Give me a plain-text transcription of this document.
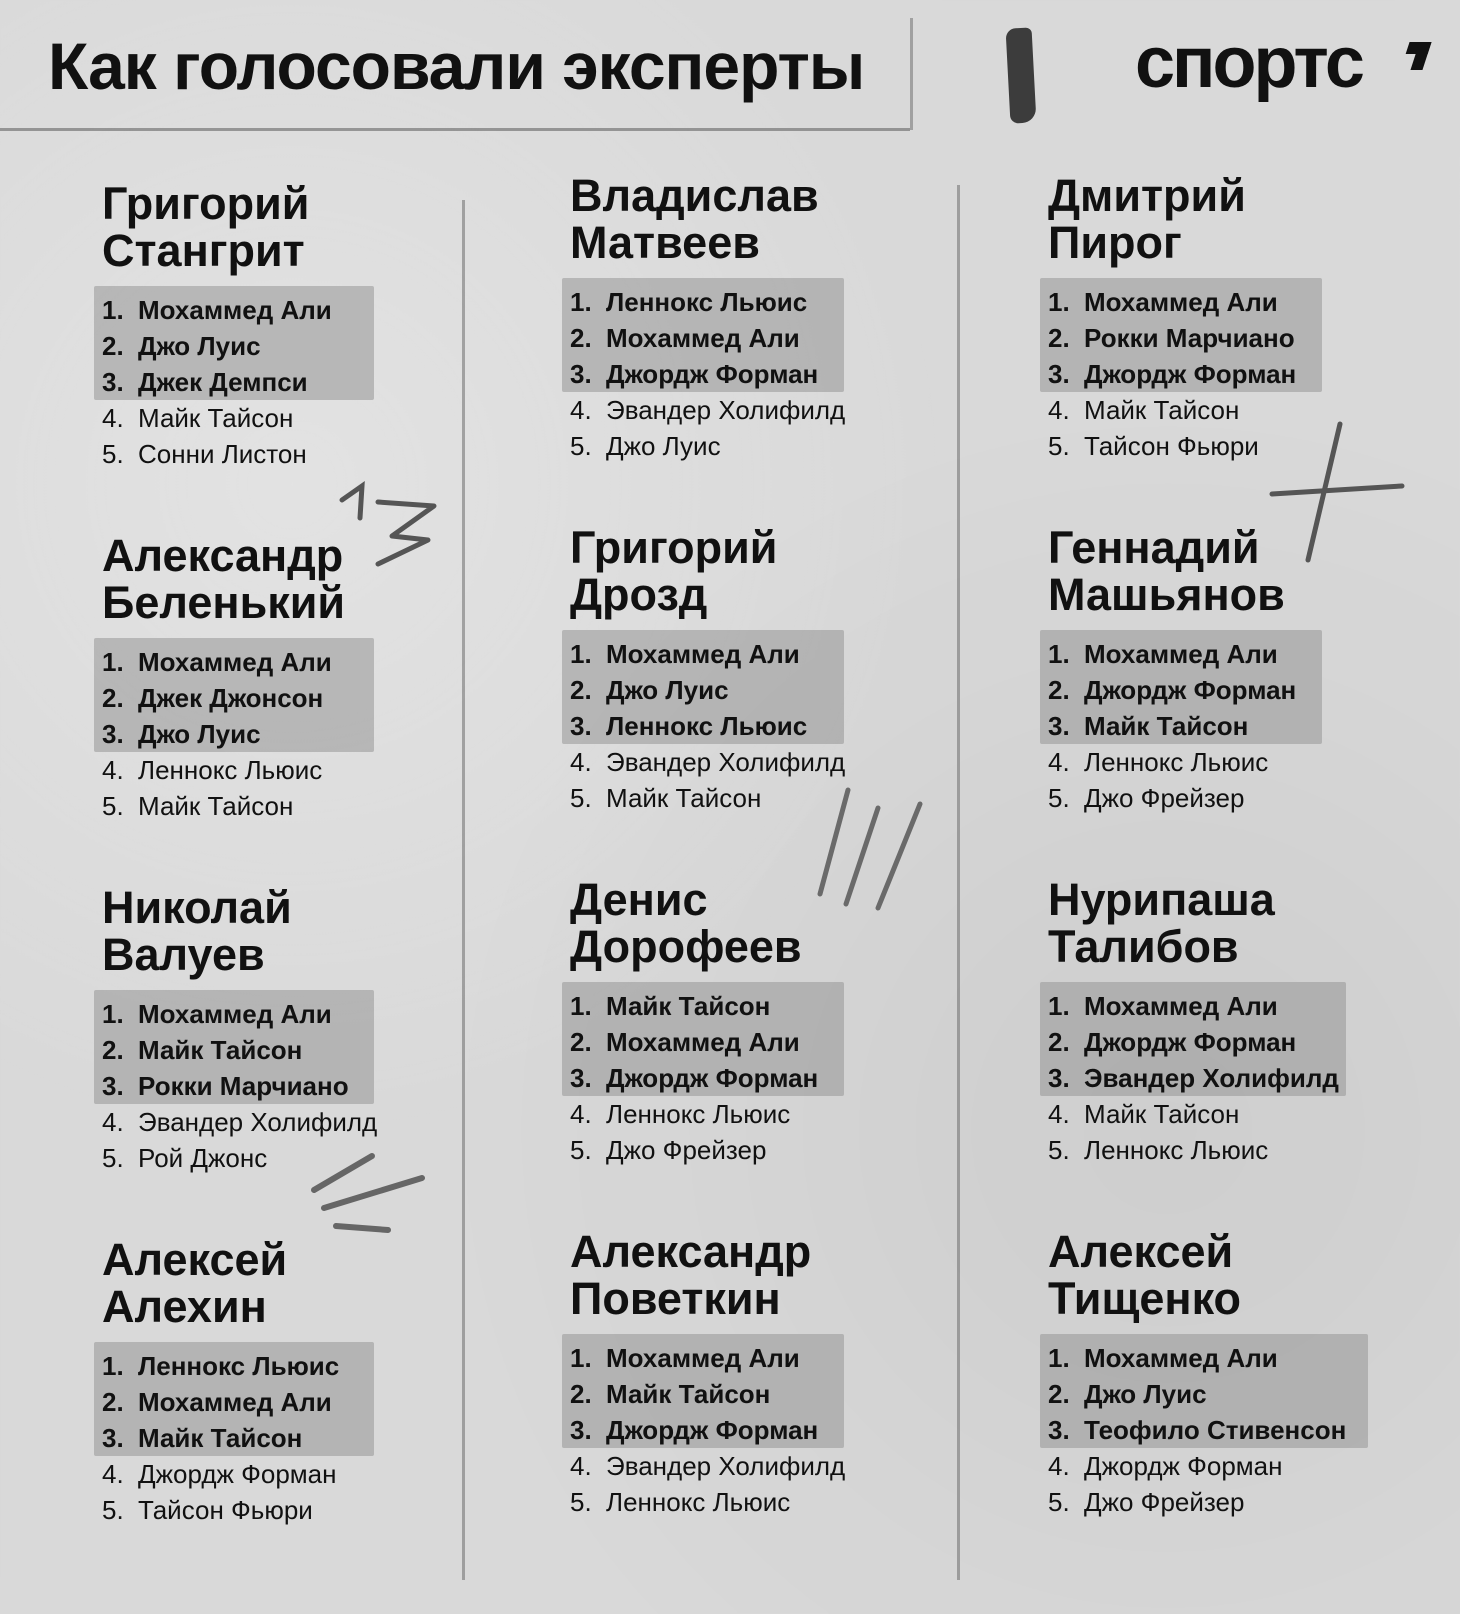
Как голосовали эксперты	спортс
Григорий
Стангрит
1. Мохаммед Али
2. Джо Луис
3. Джек Демпси
4. Майк Тайсон
5. Сонни Листон
Александр
Беленький
1. Мохаммед Али
2. Джек Джонсон
3. Джо Луис
4. Леннокс Льюис
5. Майк Тайсон
Николай
Валуев
1. Мохаммед Али
2. Майк Тайсон
3. Рокки Марчиано
4. Эвандер Холифилд
5. Рой Джонс
Алексей
Алехин
1. Леннокс Льюис
2. Мохаммед Али
3. Майк Тайсон
4. Джордж Форман
5. Тайсон Фьюри
Владислав
Матвеев
1. Леннокс Льюис
2. Мохаммед Али
3. Джордж Форман
4. Эвандер Холифилд
5. Джо Луис
Григорий
Дрозд
1. Мохаммед Али
2. Джо Луис
3. Леннокс Льюис
4. Эвандер Холифилд
5. Майк Тайсон
Денис
Дорофеев
1. Майк Тайсон
2. Мохаммед Али
3. Джордж Форман
4. Леннокс Льюис
5. Джо Фрейзер
Александр
Поветкин
1. Мохаммед Али
2. Майк Тайсон
3. Джордж Форман
4. Эвандер Холифилд
5. Леннокс Льюис
Дмитрий
Пирог
1. Мохаммед Али
2. Рокки Марчиано
3. Джордж Форман
4. Майк Тайсон
5. Тайсон Фьюри
Геннадий
Машьянов
1. Мохаммед Али
2. Джордж Форман
3. Майк Тайсон
4. Леннокс Льюис
5. Джо Фрейзер
Нурипаша
Талибов
1. Мохаммед Али
2. Джордж Форман
3. Эвандер Холифилд
4. Майк Тайсон
5. Леннокс Льюис
Алексей
Тищенко
1. Мохаммед Али
2. Джо Луис
3. Теофило Стивенсон
4. Джордж Форман
5. Джо Фрейзер
